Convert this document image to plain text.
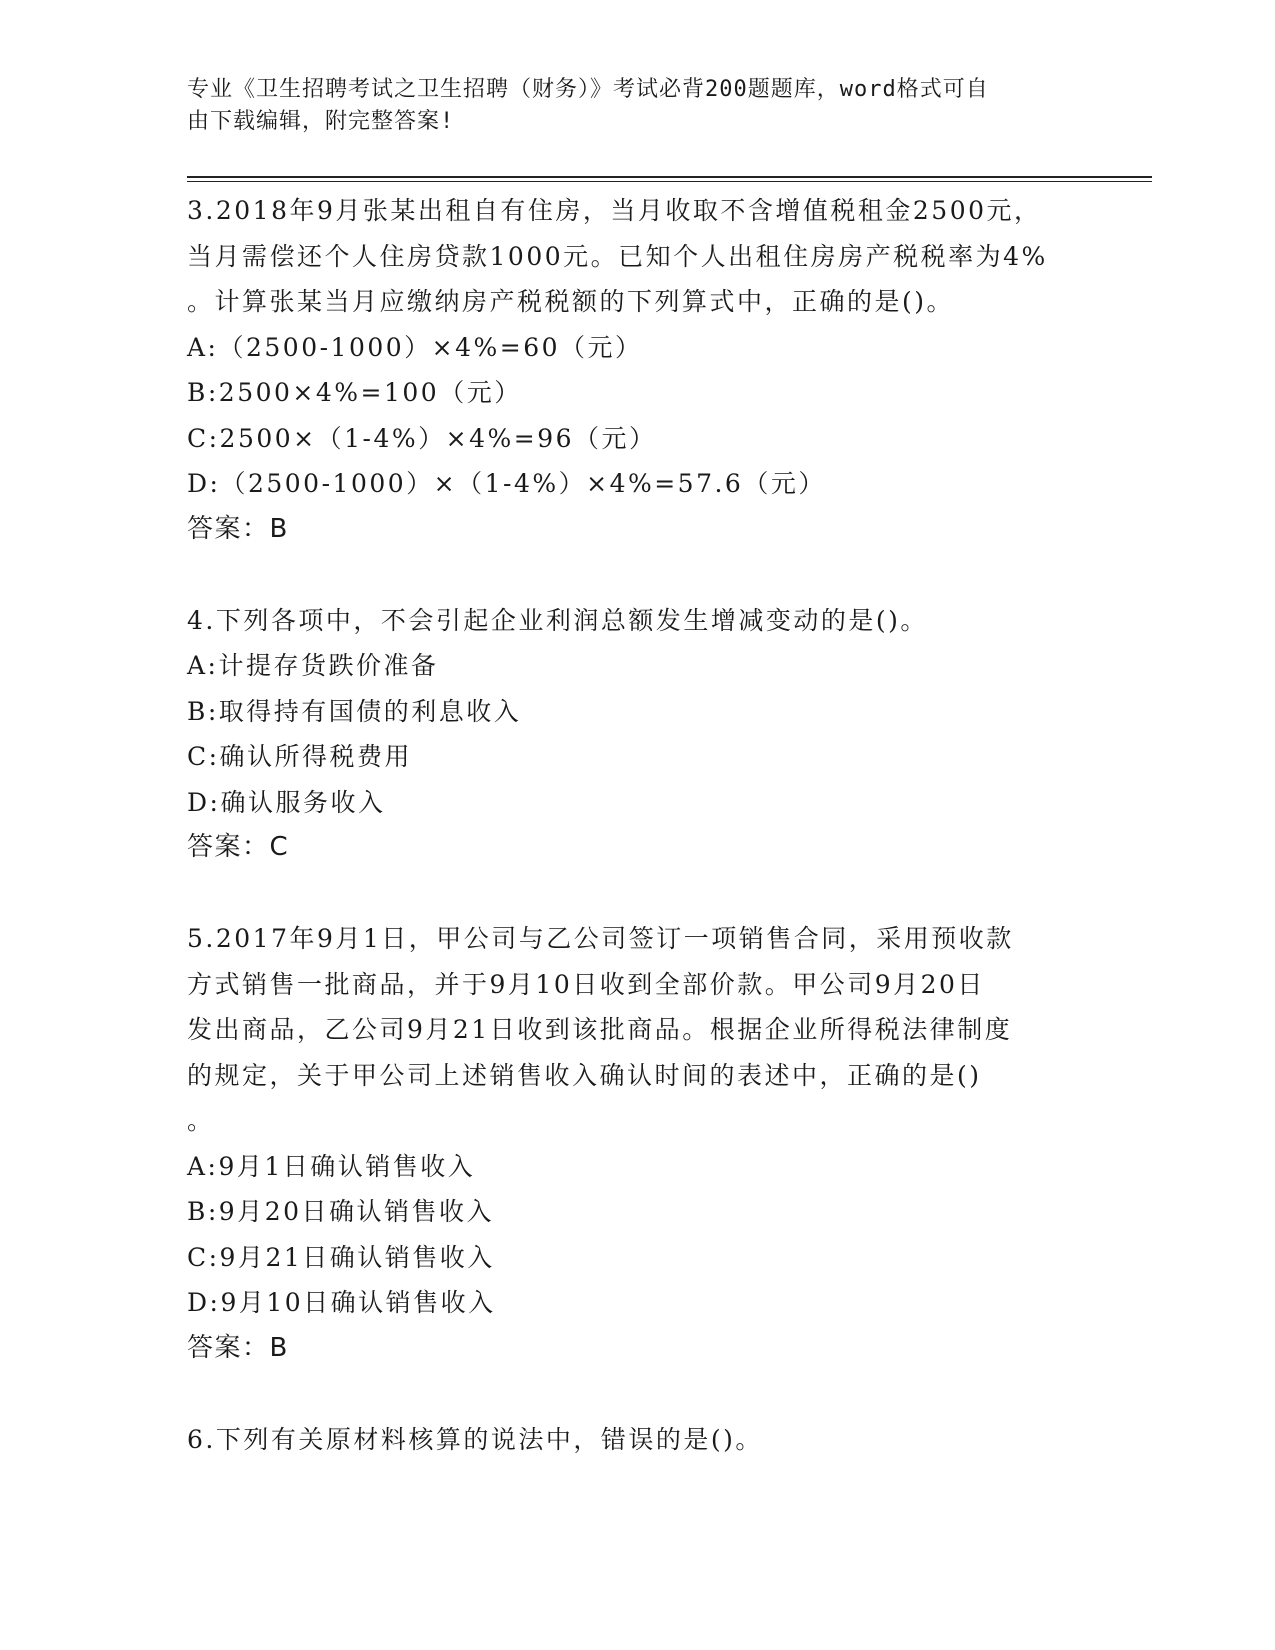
专业《卫生招聘考试之卫生招聘（财务）》考试必背200题题库，word格式可自
由下载编辑，附完整答案!
3.2018年9月张某出租自有住房，当月收取不含增值税租金2500元，
当月需偿还个人住房贷款1000元。已知个人出租住房房产税税率为4%
。计算张某当月应缴纳房产税税额的下列算式中，正确的是()。
A:（2500-1000）×4%=60（元）
B:2500×4%=100（元）
C:2500×（1-4%）×4%=96（元）
D:（2500-1000）×（1-4%）×4%=57.6（元）
答案：B
4.下列各项中，不会引起企业利润总额发生增减变动的是()。
A:计提存货跌价准备
B:取得持有国债的利息收入
C:确认所得税费用
D:确认服务收入
答案：C
5.2017年9月1日，甲公司与乙公司签订一项销售合同，采用预收款
方式销售一批商品，并于9月10日收到全部价款。甲公司9月20日
发出商品，乙公司9月21日收到该批商品。根据企业所得税法律制度
的规定，关于甲公司上述销售收入确认时间的表述中，正确的是()
。
A:9月1日确认销售收入
B:9月20日确认销售收入
C:9月21日确认销售收入
D:9月10日确认销售收入
答案：B
6.下列有关原材料核算的说法中，错误的是()。
